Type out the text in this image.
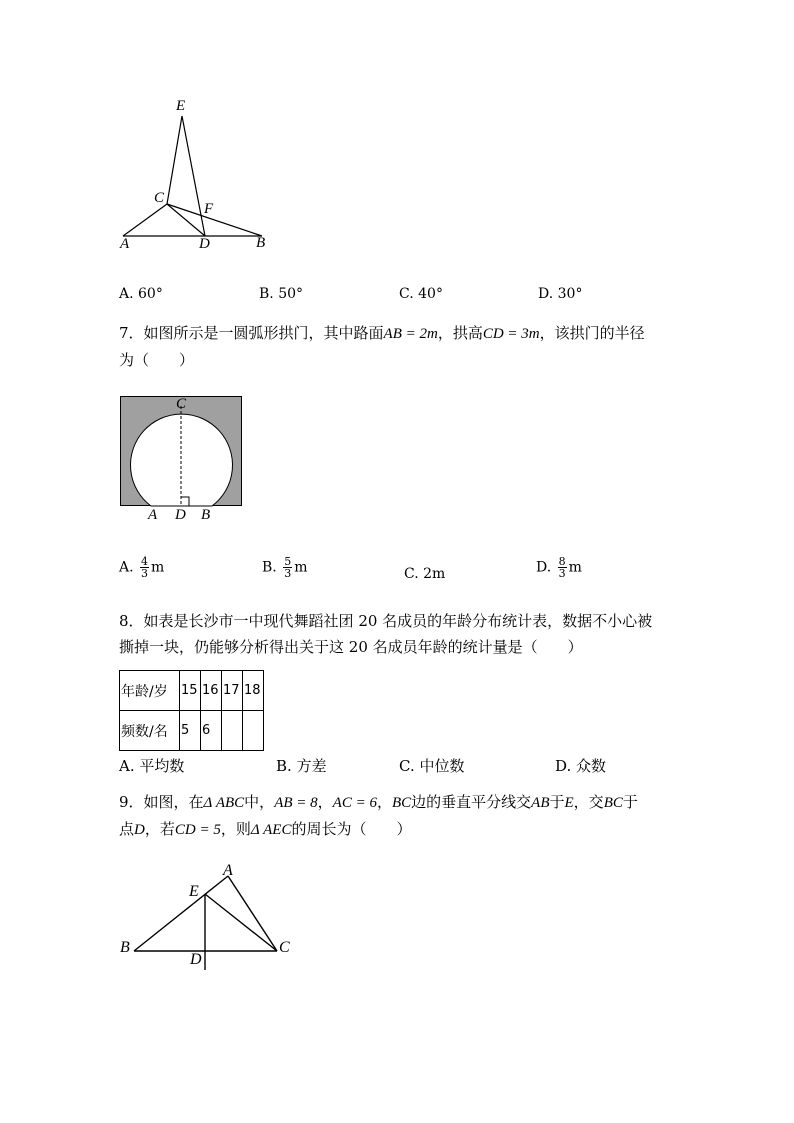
E
C
F
A	D	B
A. 60°	B. 50°	C. 40°	D. 30°
7．如图所示是一圆弧形拱门，其中路面AB = 2m，拱高CD = 3m，该拱门的半径
为（　　）
C
A D B
A. $\frac{4}{3}$ m	B. $\frac{5}{3}$ m	C. 2m	D. $\frac{8}{3}$ m
8．如表是长沙市一中现代舞蹈社团 20 名成员的年龄分布统计表，数据不小心被
撕掉一块，仍能够分析得出关于这 20 名成员年龄的统计量是（　　）
年龄/岁	15	16	17	18
频数/名	5	6		
A. 平均数	B. 方差	C. 中位数	D. 众数
9．如图，在Δ ABC中，AB = 8，AC = 6，BC边的垂直平分线交AB于E，交BC于
点D，若CD = 5，则Δ AEC的周长为（　　）
A
E
B
D
C
